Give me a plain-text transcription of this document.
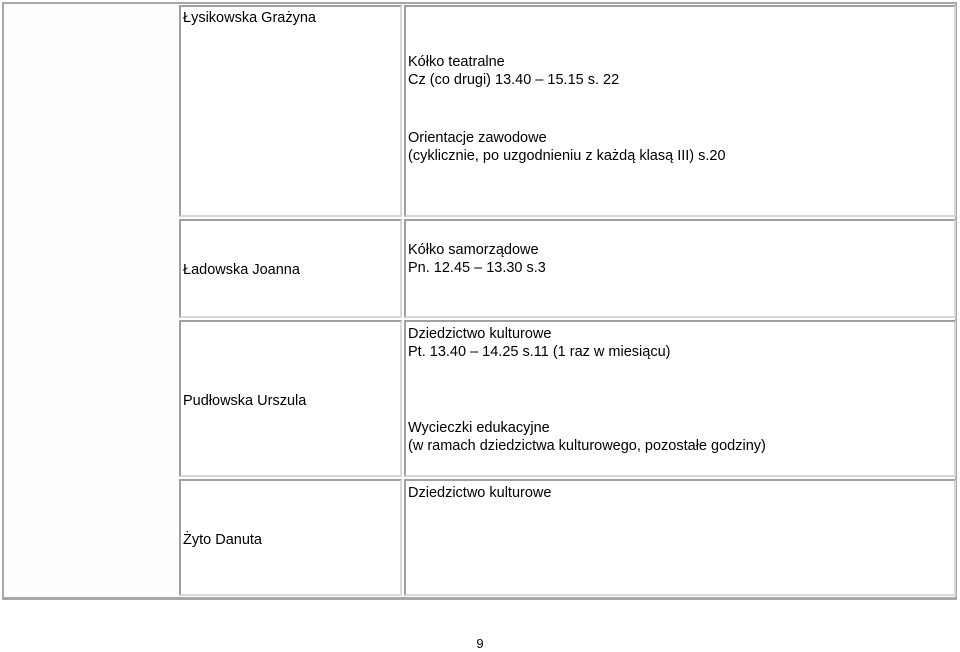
Łysikowska Grażyna
Kółko teatralne
Cz (co drugi) 13.40 – 15.15 s. 22
Orientacje zawodowe
(cyklicznie, po uzgodnieniu z każdą klasą III) s.20
Ładowska Joanna
Kółko samorządowe
Pn. 12.45 – 13.30 s.3
Pudłowska Urszula
Dziedzictwo kulturowe
Pt. 13.40 – 14.25 s.11 (1 raz w miesiącu)
Wycieczki edukacyjne
(w ramach dziedzictwa kulturowego, pozostałe godziny)
Żyto Danuta
Dziedzictwo kulturowe
9
